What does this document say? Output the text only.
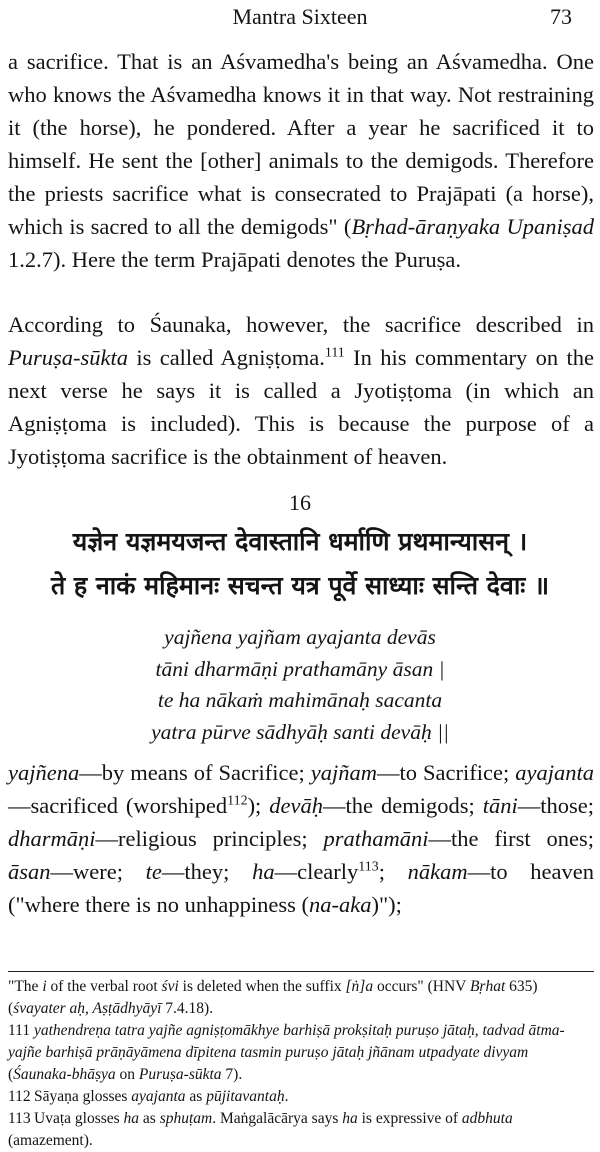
Mantra Sixteen	73

a sacrifice. That is an Aśvamedha's being an Aśvamedha. One who knows the Aśvamedha knows it in that way. Not restraining it (the horse), he pondered. After a year he sacrificed it to himself. He sent the [other] animals to the demigods. Therefore the priests sacrifice what is consecrated to Prajāpati (a horse), which is sacred to all the demigods" (Bṛhad-āraṇyaka Upaniṣad 1.2.7). Here the term Prajāpati denotes the Puruṣa.

According to Śaunaka, however, the sacrifice described in Puruṣa-sūkta is called Agniṣṭoma.$^{111}$ In his commentary on the next verse he says it is called a Jyotiṣṭoma (in which an Agniṣṭoma is included). This is because the purpose of a Jyotiṣṭoma sacrifice is the obtainment of heaven.

16
यज्ञेन यज्ञमयजन्त देवास्तानि धर्माणि प्रथमान्यासन् ।
ते ह नाकं महिमानः सचन्त यत्र पूर्वे साध्याः सन्ति देवाः ॥
yajñena yajñam ayajanta devās
tāni dharmāṇi prathamāny āsan |
te ha nākaṁ mahimānaḥ sacanta
yatra pūrve sādhyāḥ santi devāḥ ||

yajñena—by means of Sacrifice; yajñam—to Sacrifice; ayajanta—sacrificed (worshiped$^{112}$); devāḥ—the demigods; tāni—those; dharmāṇi—religious principles; prathamāni—the first ones; āsan—were; te—they; ha—clearly$^{113}$; nākam—to heaven ("where there is no unhappiness (na-aka)");

"The i of the verbal root śvi is deleted when the suffix [ṅ]a occurs" (HNV Bṛhat 635) (śvayater aḥ, Aṣṭādhyāyī 7.4.18).

111 yathendreṇa tatra yajñe agniṣṭomākhye barhiṣā prokṣitaḥ puruṣo jātaḥ, tadvad ātma-yajñe barhiṣā prāṇāyāmena dīpitena tasmin puruṣo jātaḥ jñānam utpadyate divyam (Śaunaka-bhāṣya on Puruṣa-sūkta 7).

112 Sāyaṇa glosses ayajanta as pūjitavantaḥ.

113 Uvaṭa glosses ha as sphuṭam. Maṅgalācārya says ha is expressive of adbhuta (amazement).
